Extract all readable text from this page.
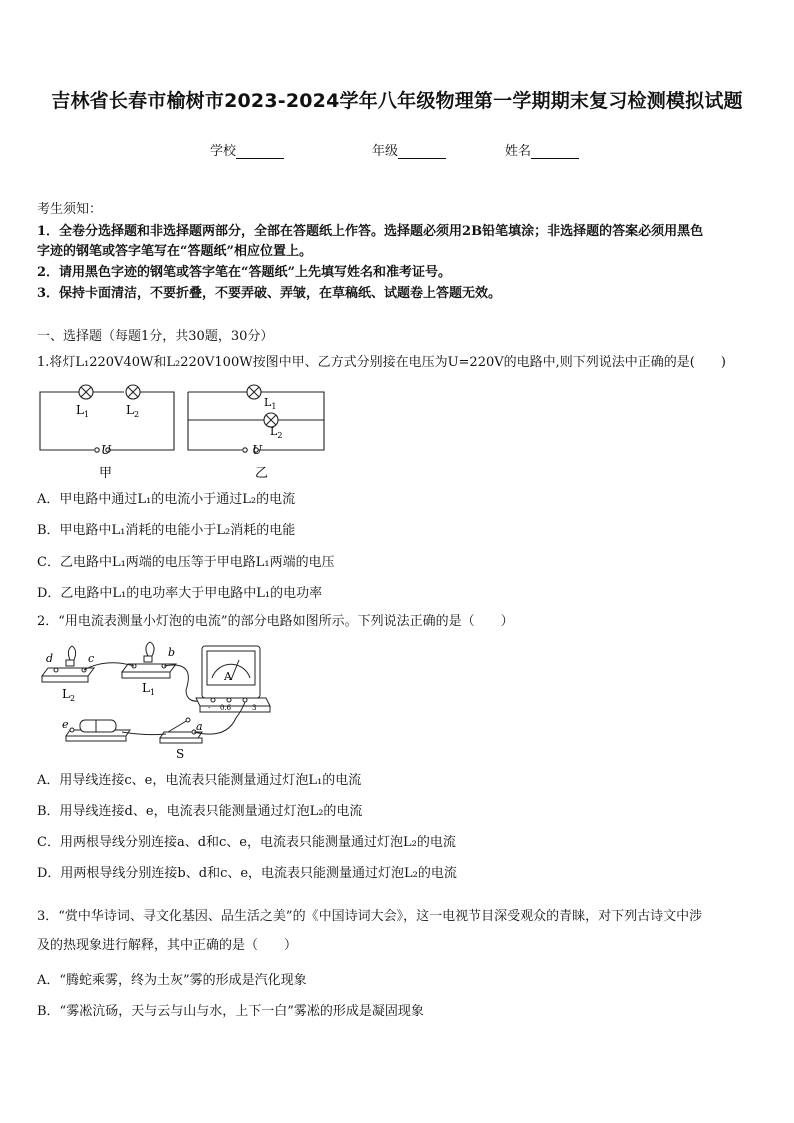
吉林省长春市榆树市2023-2024学年八年级物理第一学期期末复习检测模拟试题
学校	年级	姓名
考生须知：
1．全卷分选择题和非选择题两部分，全部在答题纸上作答。选择题必须用2B铅笔填涂；非选择题的答案必须用黑色
字迹的钢笔或答字笔写在“答题纸”相应位置上。
2．请用黑色字迹的钢笔或答字笔在“答题纸”上先填写姓名和准考证号。
3．保持卡面清洁，不要折叠，不要弄破、弄皱，在草稿纸、试题卷上答题无效。
一、选择题（每题1分，共30题，30分）
1.将灯L₁220V40W和L₂220V100W按图中甲、乙方式分别接在电压为U=220V的电路中,则下列说法中正确的是(　　)
$L_1$	$L_2$
U
甲
$L_1$
$L_2$
U
乙
A．甲电路中通过L₁的电流小于通过L₂的电流
B．甲电路中L₁消耗的电能小于L₂消耗的电能
C．乙电路中L₁两端的电压等于甲电路L₁两端的电压
D．乙电路中L₁的电功率大于甲电路中L₁的电功率
2．“用电流表测量小灯泡的电流”的部分电路如图所示。下列说法正确的是（　　）
d	c	b
e	a
$L_2$
$L_1$
S
A
- 0.6	3
A．用导线连接c、e，电流表只能测量通过灯泡L₁的电流
B．用导线连接d、e，电流表只能测量通过灯泡L₂的电流
C．用两根导线分别连接a、d和c、e，电流表只能测量通过灯泡L₂的电流
D．用两根导线分别连接b、d和c、e，电流表只能测量通过灯泡L₂的电流
3．“赏中华诗词、寻文化基因、品生活之美”的《中国诗词大会》，这一电视节目深受观众的青睐，对下列古诗文中涉
及的热现象进行解释，其中正确的是（　　）
A．“腾蛇乘雾，终为土灰”雾的形成是汽化现象
B．“雾凇沆砀，天与云与山与水，上下一白”雾凇的形成是凝固现象
